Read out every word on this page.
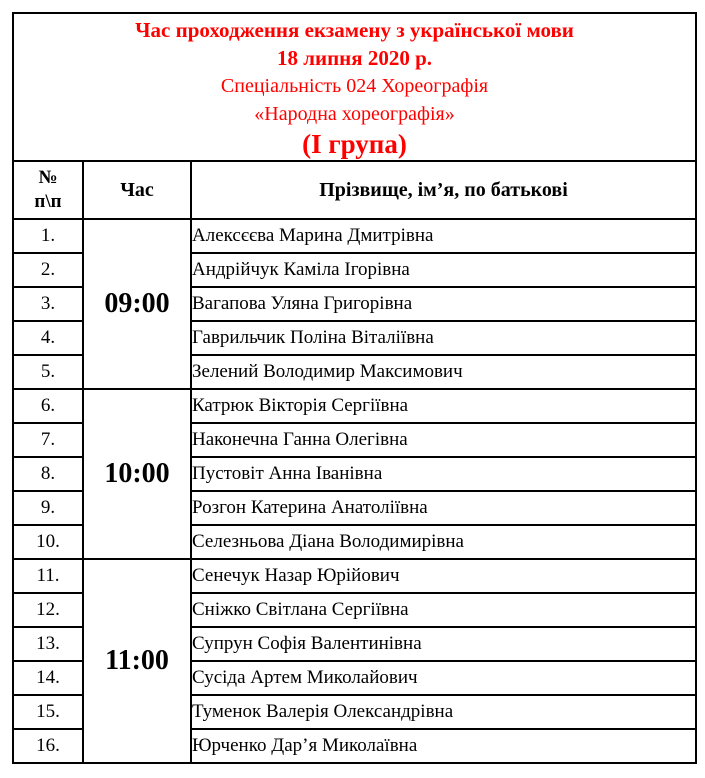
Час проходження екзамену з української мови
18 липня 2020 р.
Спеціальність 024 Хореографія
«Народна хореографія»
(І група)		

№
п\п	Час	Прізвище, ім’я, по батькові
1.	09:00	Алексєєва Марина Дмитрівна
2.		Андрійчук Каміла Ігорівна
3.		Вагапова Уляна Григорівна
4.		Гаврильчик Поліна Віталіївна
5.		Зелений Володимир Максимович
6.	10:00	Катрюк Вікторія Сергіївна
7.		Наконечна Ганна Олегівна
8.		Пустовіт Анна Іванівна
9.		Розгон Катерина Анатоліївна
10.		Селезньова Діана Володимирівна
11.	11:00	Сенечук Назар Юрійович
12.		Сніжко Світлана Сергіївна
13.		Супрун Софія Валентинівна
14.		Сусіда Артем Миколайович
15.		Туменок Валерія Олександрівна
16.		Юрченко Дар’я Миколаївна
